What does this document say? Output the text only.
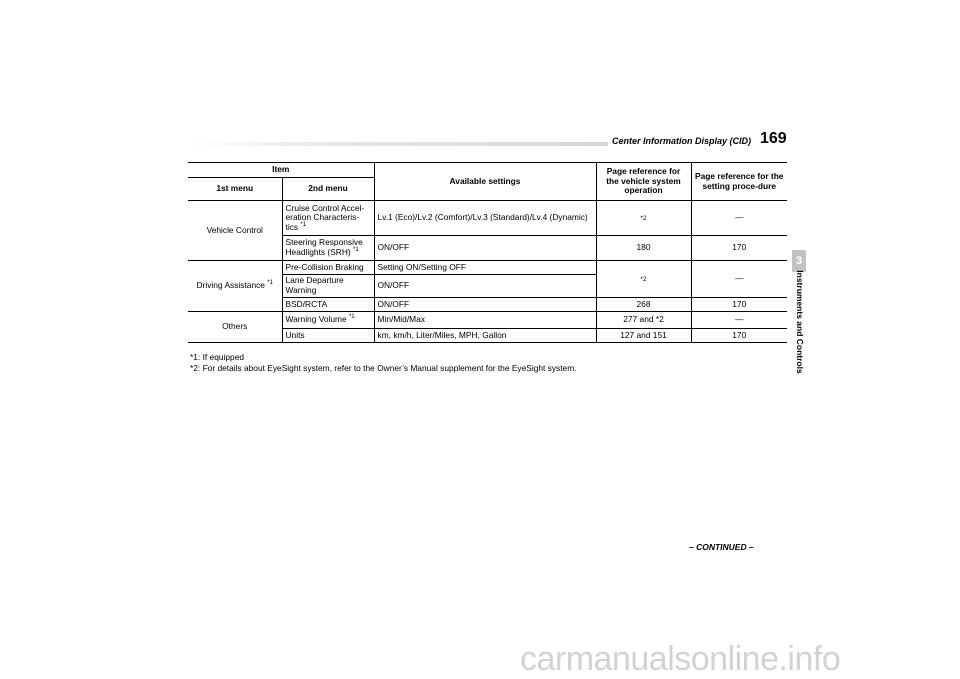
Center Information Display (CID) 169
3
Instruments and Controls
Item		Available settings	Page reference for the vehicle system operation	Page reference for the setting proce-dure
1st menu	2nd menu			
Vehicle Control	Cruise Control Accel-eration Characteris-tics $^{*1}$	Lv.1 (Eco)/Lv.2 (Comfort)/Lv.3 (Standard)/Lv.4 (Dynamic)	*2	—
	Steering Responsive Headlights (SRH) $^{*1}$	ON/OFF	180	170
Driving Assistance $^{*1}$	Pre-Collision Braking	Setting ON/Setting OFF	*2	—
	Lane Departure Warning	ON/OFF		
	BSD/RCTA	ON/OFF	268	170
Others	Warning Volume $^{*1}$	Min/Mid/Max	277 and *2	—
	Units	km, km/h, Liter/Miles, MPH, Gallon	127 and 151	170
*1: If equipped
*2: For details about EyeSight system, refer to the Owner’s Manual supplement for the EyeSight system.
– CONTINUED –
carmanualsonline.info
